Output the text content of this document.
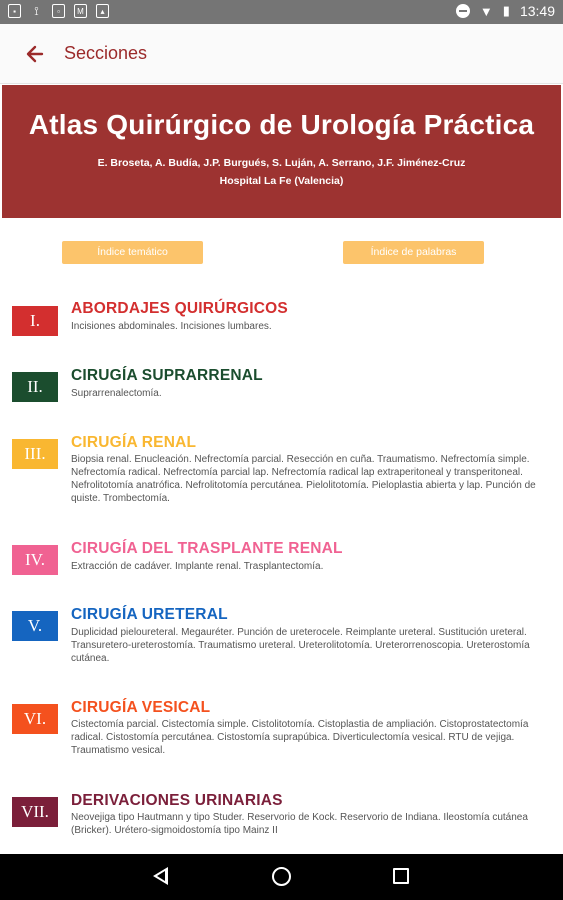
▪	⟟	▫	M	▴	▼ ▮ 13:49
Secciones
Atlas Quirúrgico de Urología Práctica
E. Broseta, A. Budía, J.P. Burgués, S. Luján, A. Serrano, J.F. Jiménez-Cruz
Hospital La Fe (Valencia)
Índice temático	Índice de palabras
I.
ABORDAJES QUIRÚRGICOS
Incisiones abdominales. Incisiones lumbares.
II.
CIRUGÍA SUPRARRENAL
Suprarrenalectomía.
III.
CIRUGÍA RENAL
Biopsia renal. Enucleación. Nefrectomía parcial. Resección en cuña. Traumatismo. Nefrectomía simple. Nefrectomía radical. Nefrectomía parcial lap. Nefrectomía radical lap extraperitoneal y transperitoneal. Nefrolitotomía anatrófica. Nefrolitotomía percutánea. Pielolitotomía. Pieloplastia abierta y lap. Punción de quiste. Trombectomía.
IV.
CIRUGÍA DEL TRASPLANTE RENAL
Extracción de cadáver. Implante renal. Trasplantectomía.
V.
CIRUGÍA URETERAL
Duplicidad pieloureteral. Megauréter. Punción de ureterocele. Reimplante ureteral. Sustitución ureteral. Transuretero-ureterostomía. Traumatismo ureteral. Ureterolitotomía. Ureterorrenoscopia. Ureterostomía cutánea.
VI.
CIRUGÍA VESICAL
Cistectomía parcial. Cistectomía simple. Cistolitotomía. Cistoplastia de ampliación. Cistoprostatectomía radical. Cistostomía percutánea. Cistostomía suprapúbica. Diverticulectomía vesical. RTU de vejiga. Traumatismo vesical.
VII.
DERIVACIONES URINARIAS
Neovejiga tipo Hautmann y tipo Studer. Reservorio de Kock. Reservorio de Indiana. Ileostomía cutánea (Bricker). Urétero-sigmoidostomía tipo Mainz II
